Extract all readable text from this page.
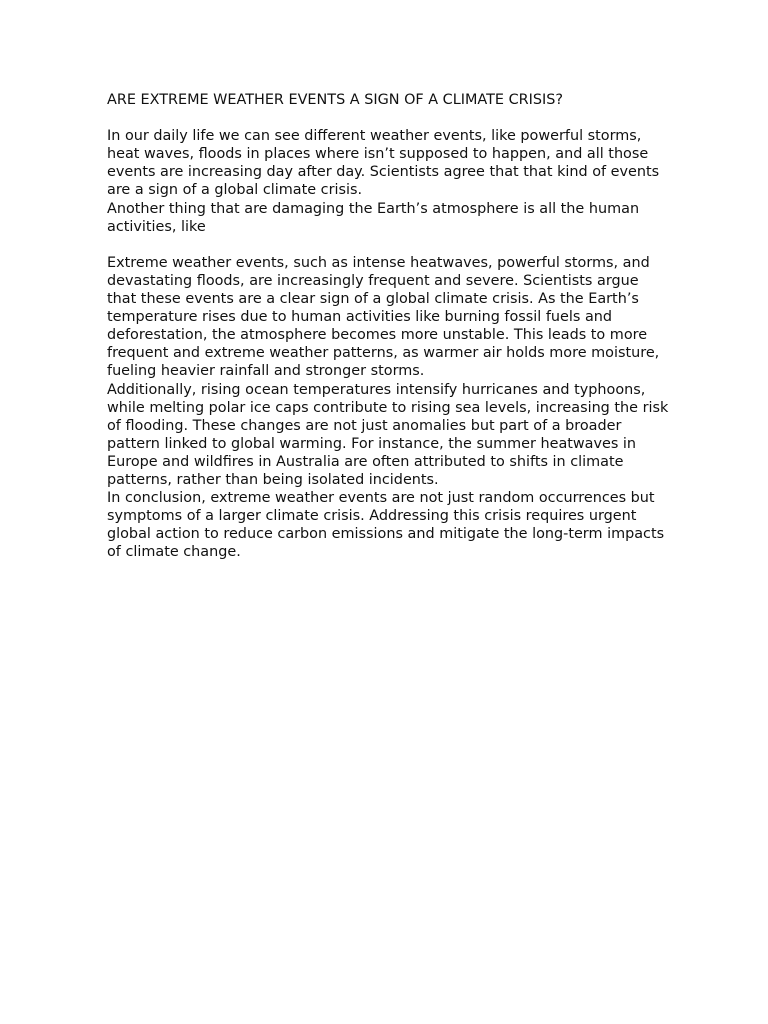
ARE EXTREME WEATHER EVENTS A SIGN OF A CLIMATE CRISIS?

In our daily life we can see different weather events, like powerful storms, heat waves, floods in places where isn’t supposed to happen, and all those events are increasing day after day. Scientists agree that that kind of events are a sign of a global climate crisis.

Another thing that are damaging the Earth’s atmosphere is all the human activities, like

Extreme weather events, such as intense heatwaves, powerful storms, and devastating floods, are increasingly frequent and severe. Scientists argue that these events are a clear sign of a global climate crisis. As the Earth’s temperature rises due to human activities like burning fossil fuels and deforestation, the atmosphere becomes more unstable. This leads to more frequent and extreme weather patterns, as warmer air holds more moisture, fueling heavier rainfall and stronger storms.

Additionally, rising ocean temperatures intensify hurricanes and typhoons, while melting polar ice caps contribute to rising sea levels, increasing the risk of flooding. These changes are not just anomalies but part of a broader pattern linked to global warming. For instance, the summer heatwaves in Europe and wildfires in Australia are often attributed to shifts in climate patterns, rather than being isolated incidents.

In conclusion, extreme weather events are not just random occurrences but symptoms of a larger climate crisis. Addressing this crisis requires urgent global action to reduce carbon emissions and mitigate the long-term impacts of climate change.
